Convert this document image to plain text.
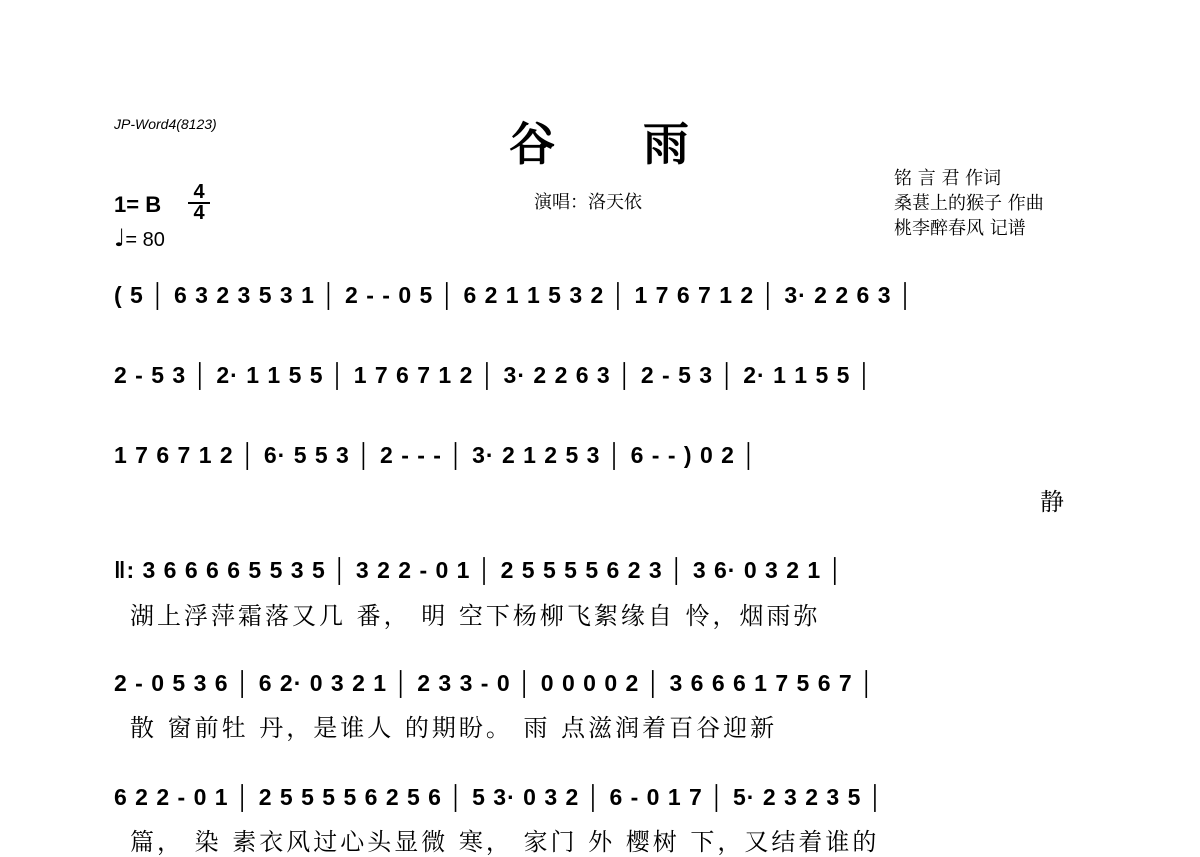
JP-Word4(8123)	谷 雨
演唱：洛天依
铭 言 君 作词
桑葚上的猴子 作曲
桃李醉春风 记谱
1= B	4
4
♩= 80
( 5 │ 6 3 2 3 5 3 1 │ 2 - - 0 5 │ 6 2 1 1 5 3 2 │ 1 7 6 7 1 2 │ 3· 2 2 6 3 │
2 - 5 3 │ 2· 1 1 5 5 │ 1 7 6 7 1 2 │ 3· 2 2 6 3 │ 2 - 5 3 │ 2· 1 1 5 5 │
1 7 6 7 1 2 │ 6· 5 5 3 │ 2 - - - │ 3· 2 1 2 5 3 │ 6 - - ) 0 2 │
静
‖: 3 6 6 6 6 5 5 3 5 │ 3 2 2 - 0 1 │ 2 5 5 5 5 6 2 3 │ 3 6· 0 3 2 1 │
湖上浮萍霜落又几 番， 明 空下杨柳飞絮缘自 怜，烟雨弥
2 - 0 5 3 6 │ 6 2· 0 3 2 1 │ 2 3 3 - 0 │ 0 0 0 0 2 │ 3 6 6 6 1 7 5 6 7 │
散 窗前牡 丹，是谁人 的期盼。 雨 点滋润着百谷迎新
6 2 2 - 0 1 │ 2 5 5 5 5 6 2 5 6 │ 5 3· 0 3 2 │ 6 - 0 1 7 │ 5· 2 3 2 3 5 │
篇， 染 素衣风过心头显微 寒， 家门 外 樱树 下，又结着谁的
